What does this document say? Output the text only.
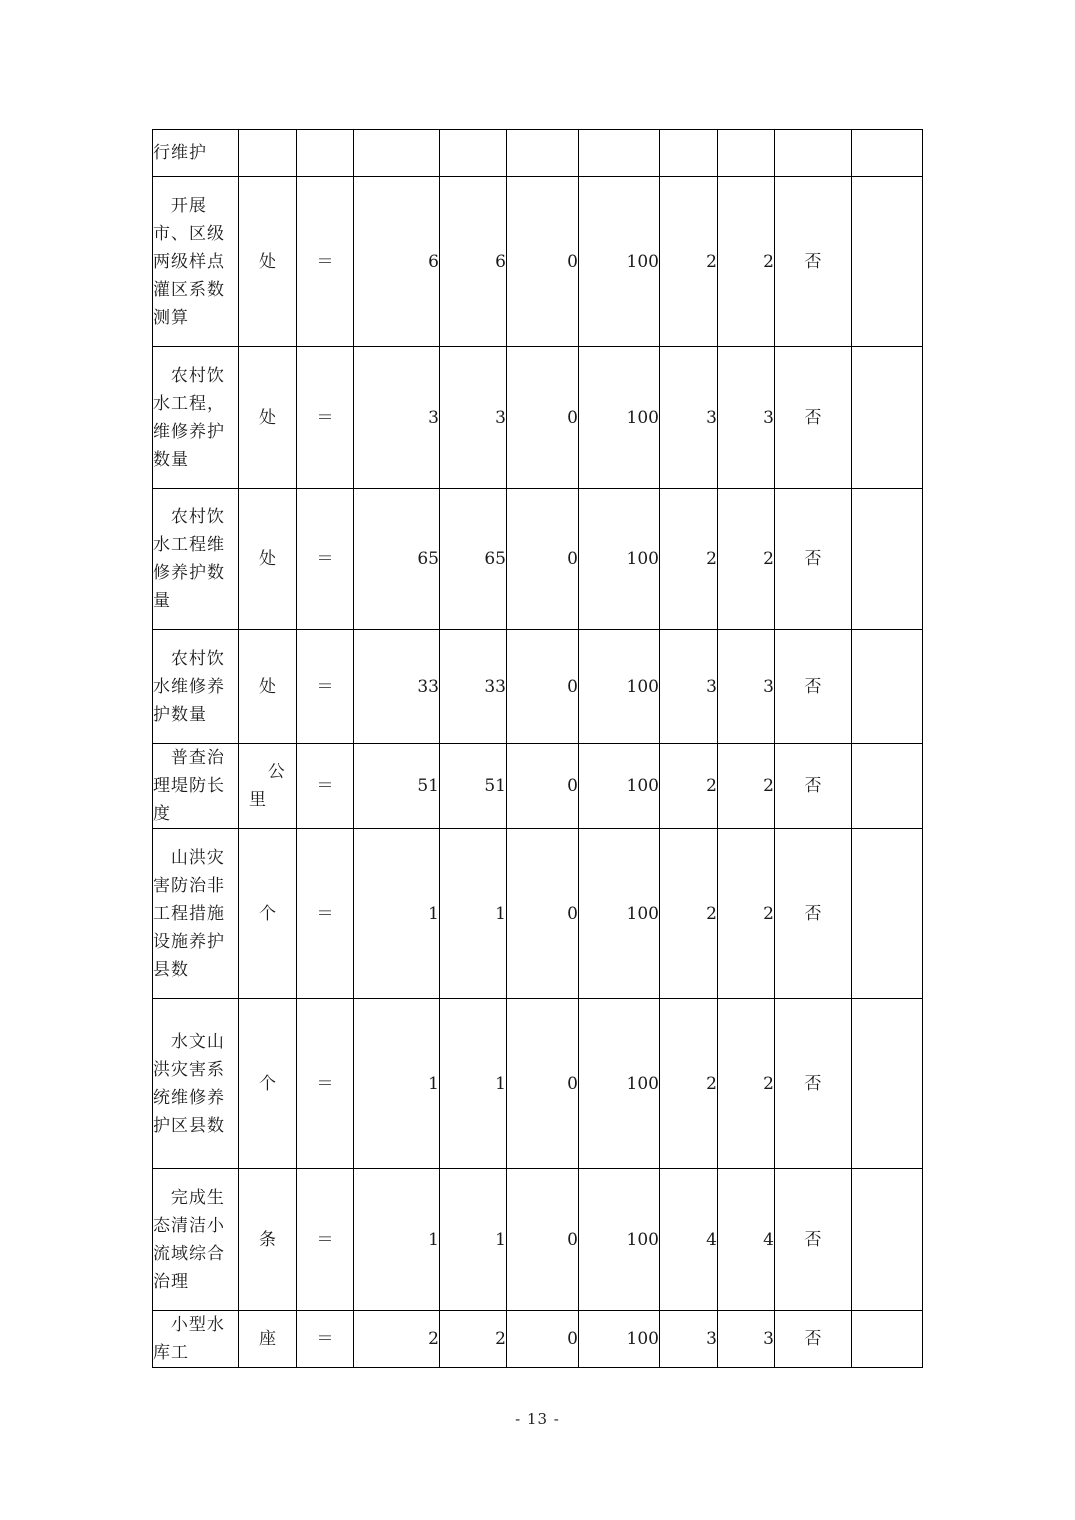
行维护										

开展市、区级两级样点灌区系数测算	处	＝	6	6	0	100	2	2	否	

农村饮水工程，维修养护数量	处	＝	3	3	0	100	3	3	否	

农村饮水工程维修养护数量	处	＝	65	65	0	100	2	2	否	

农村饮水维修养护数量	处	＝	33	33	0	100	3	3	否	

普查治理堤防长度	公里	＝	51	51	0	100	2	2	否	

山洪灾害防治非工程措施设施养护县数	个	＝	1	1	0	100	2	2	否	

水文山洪灾害系统维修养护区县数	个	＝	1	1	0	100	2	2	否	

完成生态清洁小流域综合治理	条	＝	1	1	0	100	4	4	否	

小型水库工	座	＝	2	2	0	100	3	3	否	
- 13 -
